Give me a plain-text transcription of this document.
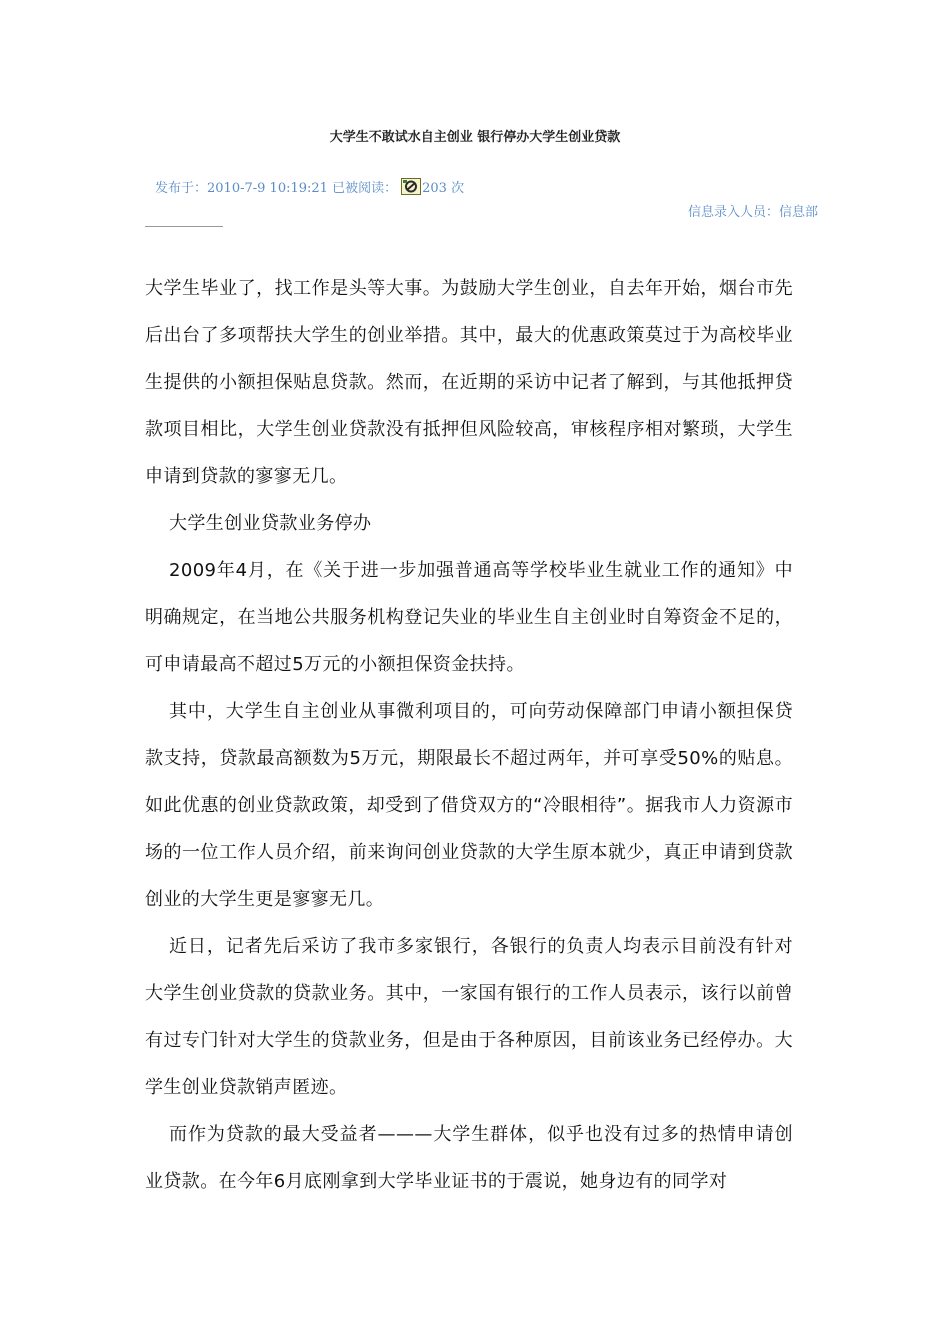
大学生不敢试水自主创业 银行停办大学生创业贷款
发布于：2010-7-9 10:19:21 已被阅读： 203 次
信息录入人员：信息部

大学生毕业了，找工作是头等大事。为鼓励大学生创业，自去年开始，烟台市先后出台了多项帮扶大学生的创业举措。其中，最大的优惠政策莫过于为高校毕业生提供的小额担保贴息贷款。然而，在近期的采访中记者了解到，与其他抵押贷款项目相比，大学生创业贷款没有抵押但风险较高，审核程序相对繁琐，大学生申请到贷款的寥寥无几。

大学生创业贷款业务停办

2009年4月，在《关于进一步加强普通高等学校毕业生就业工作的通知》中明确规定，在当地公共服务机构登记失业的毕业生自主创业时自筹资金不足的，可申请最高不超过5万元的小额担保资金扶持。

其中，大学生自主创业从事微利项目的，可向劳动保障部门申请小额担保贷款支持，贷款最高额数为5万元，期限最长不超过两年，并可享受50%的贴息。如此优惠的创业贷款政策，却受到了借贷双方的“冷眼相待”。据我市人力资源市场的一位工作人员介绍，前来询问创业贷款的大学生原本就少，真正申请到贷款创业的大学生更是寥寥无几。

近日，记者先后采访了我市多家银行，各银行的负责人均表示目前没有针对大学生创业贷款的贷款业务。其中，一家国有银行的工作人员表示，该行以前曾有过专门针对大学生的贷款业务，但是由于各种原因，目前该业务已经停办。大学生创业贷款销声匿迹。

而作为贷款的最大受益者———大学生群体，似乎也没有过多的热情申请创业贷款。在今年6月底刚拿到大学毕业证书的于震说，她身边有的同学对
